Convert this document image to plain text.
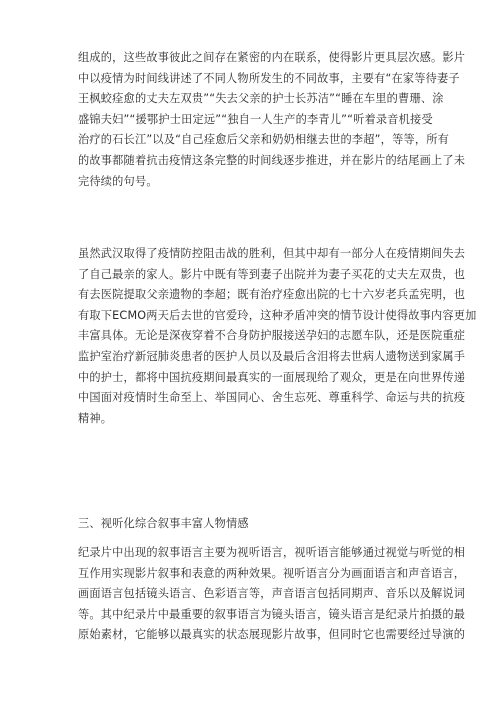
组成的，这些故事彼此之间存在紧密的内在联系，使得影片更具层次感。影片
中以疫情为时间线讲述了不同人物所发生的不同故事，主要有“在家等待妻子
王枫蛟痊愈的丈夫左双贵”“失去父亲的护士长苏洁”“睡在车里的曹珊、涂
盛锦夫妇”“援鄂护士田定远”“独自一人生产的李青儿”“听着录音机接受
治疗的石长江”以及“自己痊愈后父亲和奶奶相继去世的李超”，等等，所有
的故事都随着抗击疫情这条完整的时间线逐步推进，并在影片的结尾画上了未
完待续的句号。
虽然武汉取得了疫情防控阻击战的胜利，但其中却有一部分人在疫情期间失去
了自己最亲的家人。影片中既有等到妻子出院并为妻子买花的丈夫左双贵，也
有去医院提取父亲遗物的李超；既有治疗痊愈出院的七十六岁老兵孟宪明，也
有取下ECMO两天后去世的官爱玲，这种矛盾冲突的情节设计使得故事内容更加
丰富具体。无论是深夜穿着不合身防护服接送孕妇的志愿车队，还是医院重症
监护室治疗新冠肺炎患者的医护人员以及最后含泪将去世病人遗物送到家属手
中的护士，都将中国抗疫期间最真实的一面展现给了观众，更是在向世界传递
中国面对疫情时生命至上、举国同心、舍生忘死、尊重科学、命运与共的抗疫
精神。
三、视听化综合叙事丰富人物情感
纪录片中出现的叙事语言主要为视听语言，视听语言能够通过视觉与听觉的相
互作用实现影片叙事和表意的两种效果。视听语言分为画面语言和声音语言，
画面语言包括镜头语言、色彩语言等，声音语言包括同期声、音乐以及解说词
等。其中纪录片中最重要的叙事语言为镜头语言，镜头语言是纪录片拍摄的最
原始素材，它能够以最真实的状态展现影片故事，但同时它也需要经过导演的
